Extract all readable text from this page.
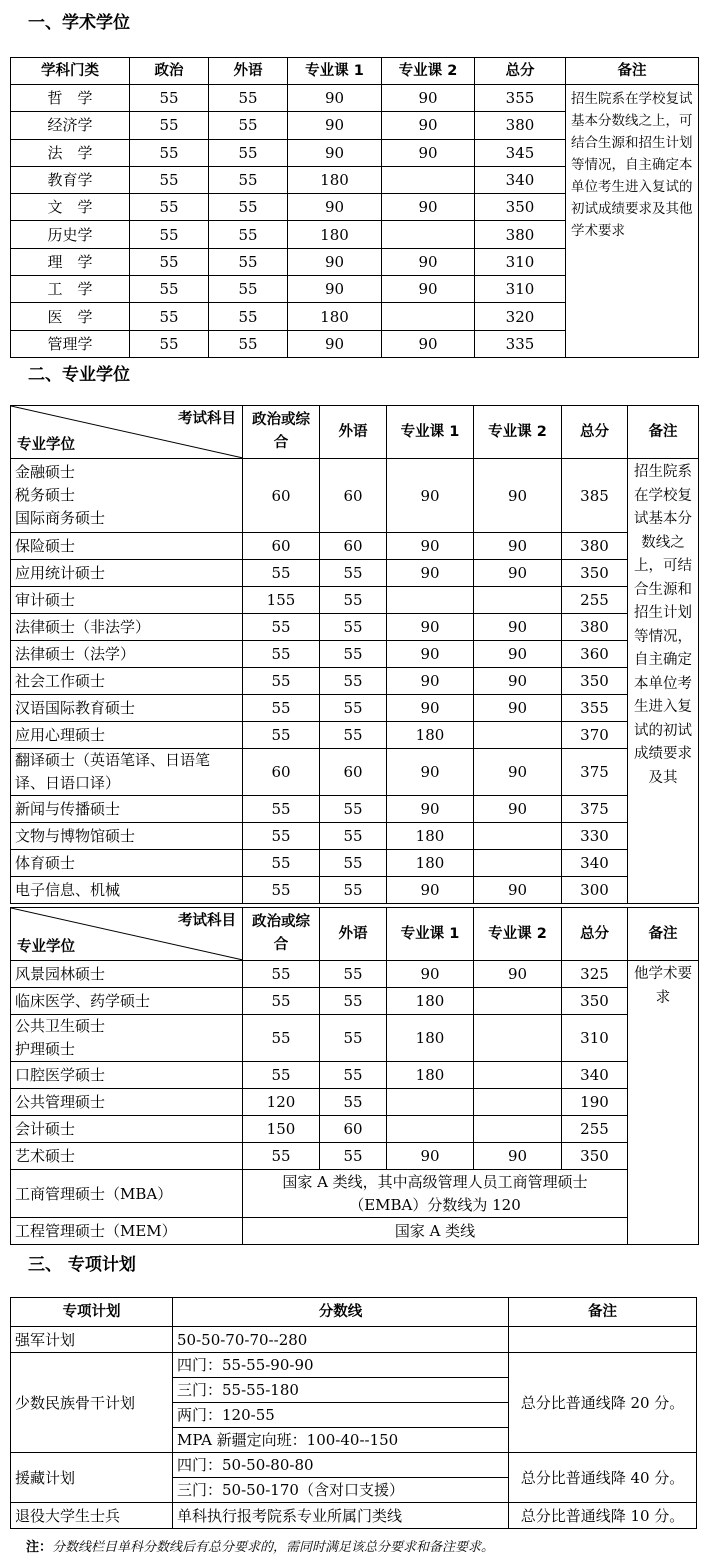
一、学术学位
学科门类	政治	外语	专业课 1	专业课 2	总分	备注
哲　学	55	55	90	90	355	招生院系在学校复试基本分数线之上，可结合生源和招生计划等情况，自主确定本单位考生进入复试的初试成绩要求及其他学术要求
经济学	55	55	90	90	380	
法　学	55	55	90	90	345	
教育学	55	55	180		340	
文　学	55	55	90	90	350	
历史学	55	55	180		380	
理　学	55	55	90	90	310	
工　学	55	55	90	90	310	
医　学	55	55	180		320	
管理学	55	55	90	90	335	
二、专业学位
考试科目
专业学位	政治或综合	外语	专业课 1	专业课 2	总分	备注
金融硕士
税务硕士
国际商务硕士	60	60	90	90	385	招生院系在学校复试基本分数线之上，可结合生源和招生计划等情况，自主确定本单位考生进入复试的初试成绩要求及其
保险硕士	60	60	90	90	380	
应用统计硕士	55	55	90	90	350	
审计硕士	155	55			255	
法律硕士（非法学）	55	55	90	90	380	
法律硕士（法学）	55	55	90	90	360	
社会工作硕士	55	55	90	90	350	
汉语国际教育硕士	55	55	90	90	355	
应用心理硕士	55	55	180		370	
翻译硕士（英语笔译、日语笔译、日语口译）	60	60	90	90	375	
新闻与传播硕士	55	55	90	90	375	
文物与博物馆硕士	55	55	180		330	
体育硕士	55	55	180		340	
电子信息、机械	55	55	90	90	300	
考试科目
专业学位	政治或综合	外语	专业课 1	专业课 2	总分	备注
风景园林硕士	55	55	90	90	325	他学术要求
临床医学、药学硕士	55	55	180		350	
公共卫生硕士
护理硕士	55	55	180		310	
口腔医学硕士	55	55	180		340	
公共管理硕士	120	55			190	
会计硕士	150	60			255	
艺术硕士	55	55	90	90	350	
工商管理硕士（MBA）	国家 A 类线，其中高级管理人员工商管理硕士（EMBA）分数线为 120					
工程管理硕士（MEM）	国家 A 类线					
三、 专项计划
专项计划	分数线	备注
强军计划	50-50-70-70--280	
少数民族骨干计划	四门：55-55-90-90	总分比普通线降 20 分。
	三门：55-55-180	
	两门：120-55	
	MPA 新疆定向班：100-40--150	
援藏计划	四门：50-50-80-80	总分比普通线降 40 分。
	三门：50-50-170（含对口支援）	
退役大学生士兵	单科执行报考院系专业所属门类线	总分比普通线降 10 分。
注：分数线栏目单科分数线后有总分要求的，需同时满足该总分要求和备注要求。
